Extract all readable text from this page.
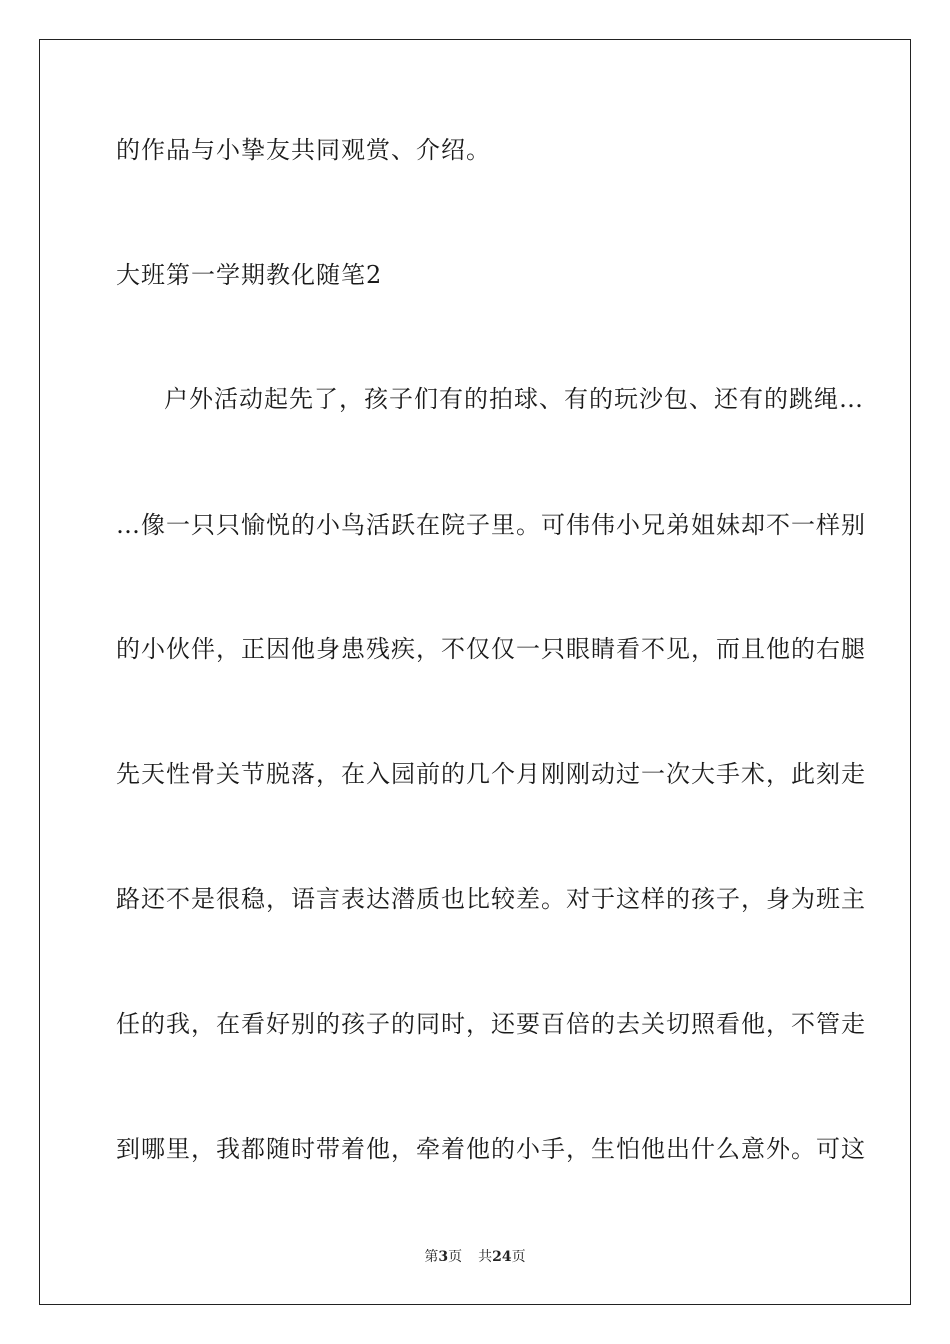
的作品与小挚友共同观赏、介绍。
大班第一学期教化随笔2
户外活动起先了，孩子们有的拍球、有的玩沙包、还有的跳绳…
…像一只只愉悦的小鸟活跃在院子里。可伟伟小兄弟姐妹却不一样别
的小伙伴，正因他身患残疾，不仅仅一只眼睛看不见，而且他的右腿
先天性骨关节脱落，在入园前的几个月刚刚动过一次大手术，此刻走
路还不是很稳，语言表达潜质也比较差。对于这样的孩子，身为班主
任的我，在看好别的孩子的同时，还要百倍的去关切照看他，不管走
到哪里，我都随时带着他，牵着他的小手，生怕他出什么意外。可这
第3页 共24页
